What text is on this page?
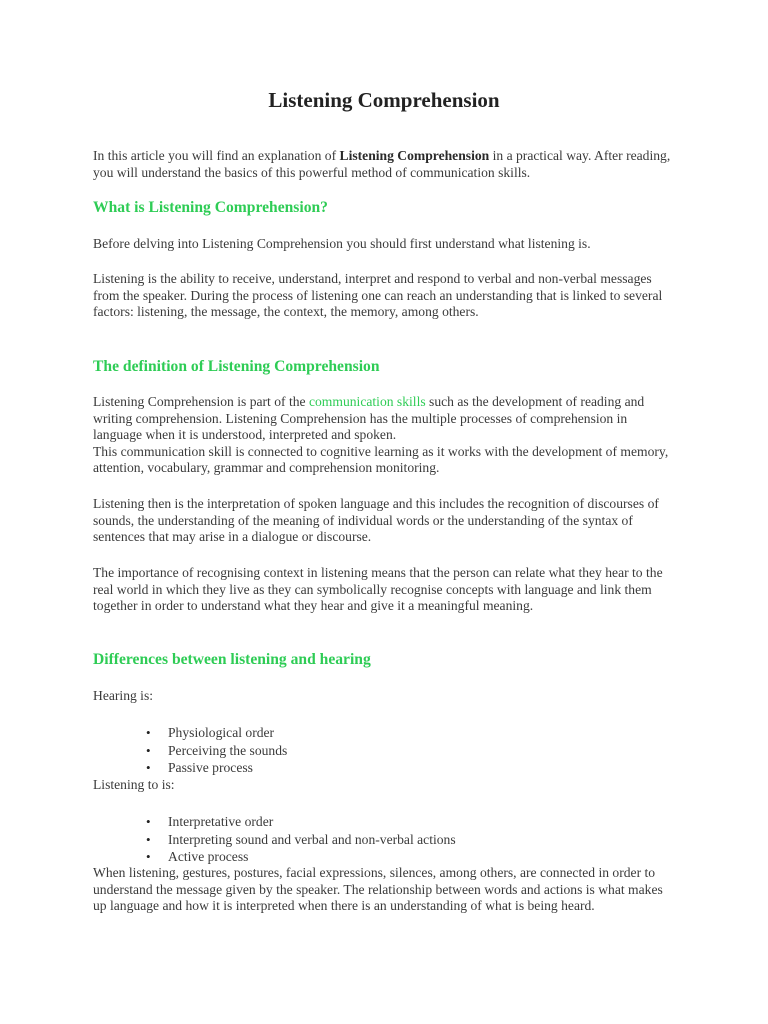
Listening Comprehension

In this article you will find an explanation of Listening Comprehension in a practical way. After reading, you will understand the basics of this powerful method of communication skills.

What is Listening Comprehension?

Before delving into Listening Comprehension you should first understand what listening is.

Listening is the ability to receive, understand, interpret and respond to verbal and non-verbal messages from the speaker. During the process of listening one can reach an understanding that is linked to several factors: listening, the message, the context, the memory, among others.

The definition of Listening Comprehension

Listening Comprehension is part of the communication skills such as the development of reading and writing comprehension. Listening Comprehension has the multiple processes of comprehension in language when it is understood, interpreted and spoken.
This communication skill is connected to cognitive learning as it works with the development of memory, attention, vocabulary, grammar and comprehension monitoring.

Listening then is the interpretation of spoken language and this includes the recognition of discourses of sounds, the understanding of the meaning of individual words or the understanding of the syntax of sentences that may arise in a dialogue or discourse.

The importance of recognising context in listening means that the person can relate what they hear to the real world in which they live as they can symbolically recognise concepts with language and link them together in order to understand what they hear and give it a meaningful meaning.

Differences between listening and hearing

Hearing is:

• Physiological order
• Perceiving the sounds
• Passive process

Listening to is:

• Interpretative order
• Interpreting sound and verbal and non-verbal actions
• Active process

When listening, gestures, postures, facial expressions, silences, among others, are connected in order to understand the message given by the speaker. The relationship between words and actions is what makes up language and how it is interpreted when there is an understanding of what is being heard.
